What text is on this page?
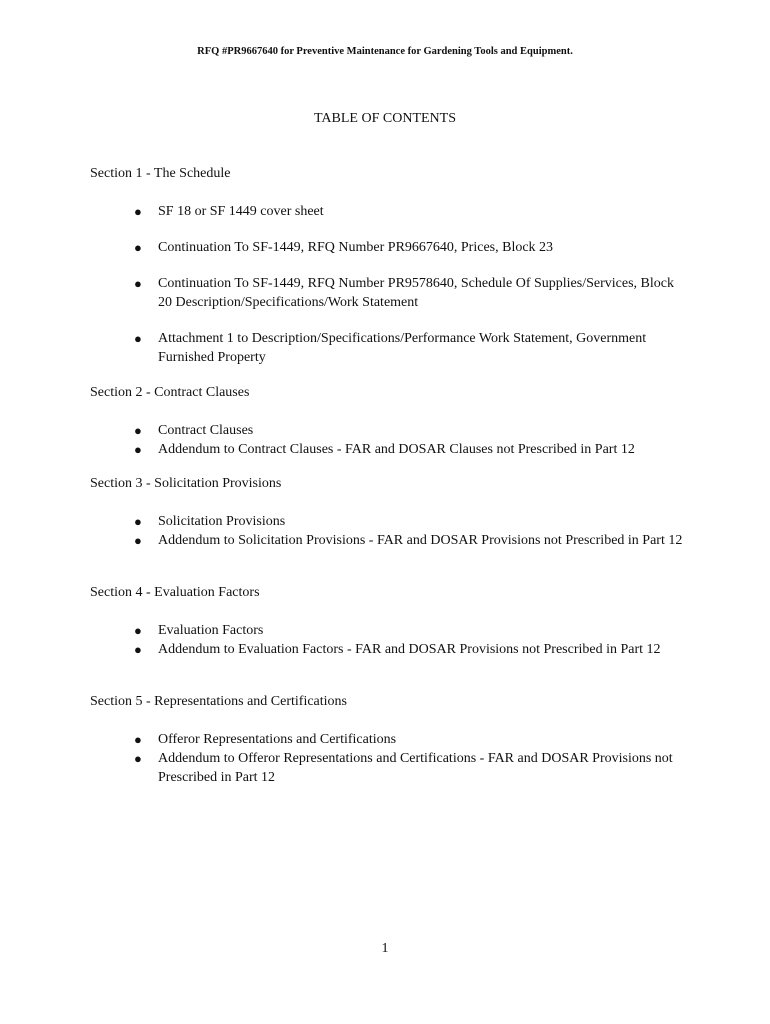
RFQ #PR9667640 for Preventive Maintenance for Gardening Tools and Equipment.
TABLE OF CONTENTS
Section 1 - The Schedule
● SF 18 or SF 1449 cover sheet
● Continuation To SF-1449, RFQ Number PR9667640, Prices, Block 23
● Continuation To SF-1449, RFQ Number PR9578640, Schedule Of Supplies/Services, Block 20 Description/Specifications/Work Statement
● Attachment 1 to Description/Specifications/Performance Work Statement, Government Furnished Property
Section 2 - Contract Clauses
● Contract Clauses
● Addendum to Contract Clauses - FAR and DOSAR Clauses not Prescribed in Part 12
Section 3 - Solicitation Provisions
● Solicitation Provisions
● Addendum to Solicitation Provisions - FAR and DOSAR Provisions not Prescribed in Part 12
Section 4 - Evaluation Factors
● Evaluation Factors
● Addendum to Evaluation Factors - FAR and DOSAR Provisions not Prescribed in Part 12
Section 5 - Representations and Certifications
● Offeror Representations and Certifications
● Addendum to Offeror Representations and Certifications - FAR and DOSAR Provisions not Prescribed in Part 12
1
